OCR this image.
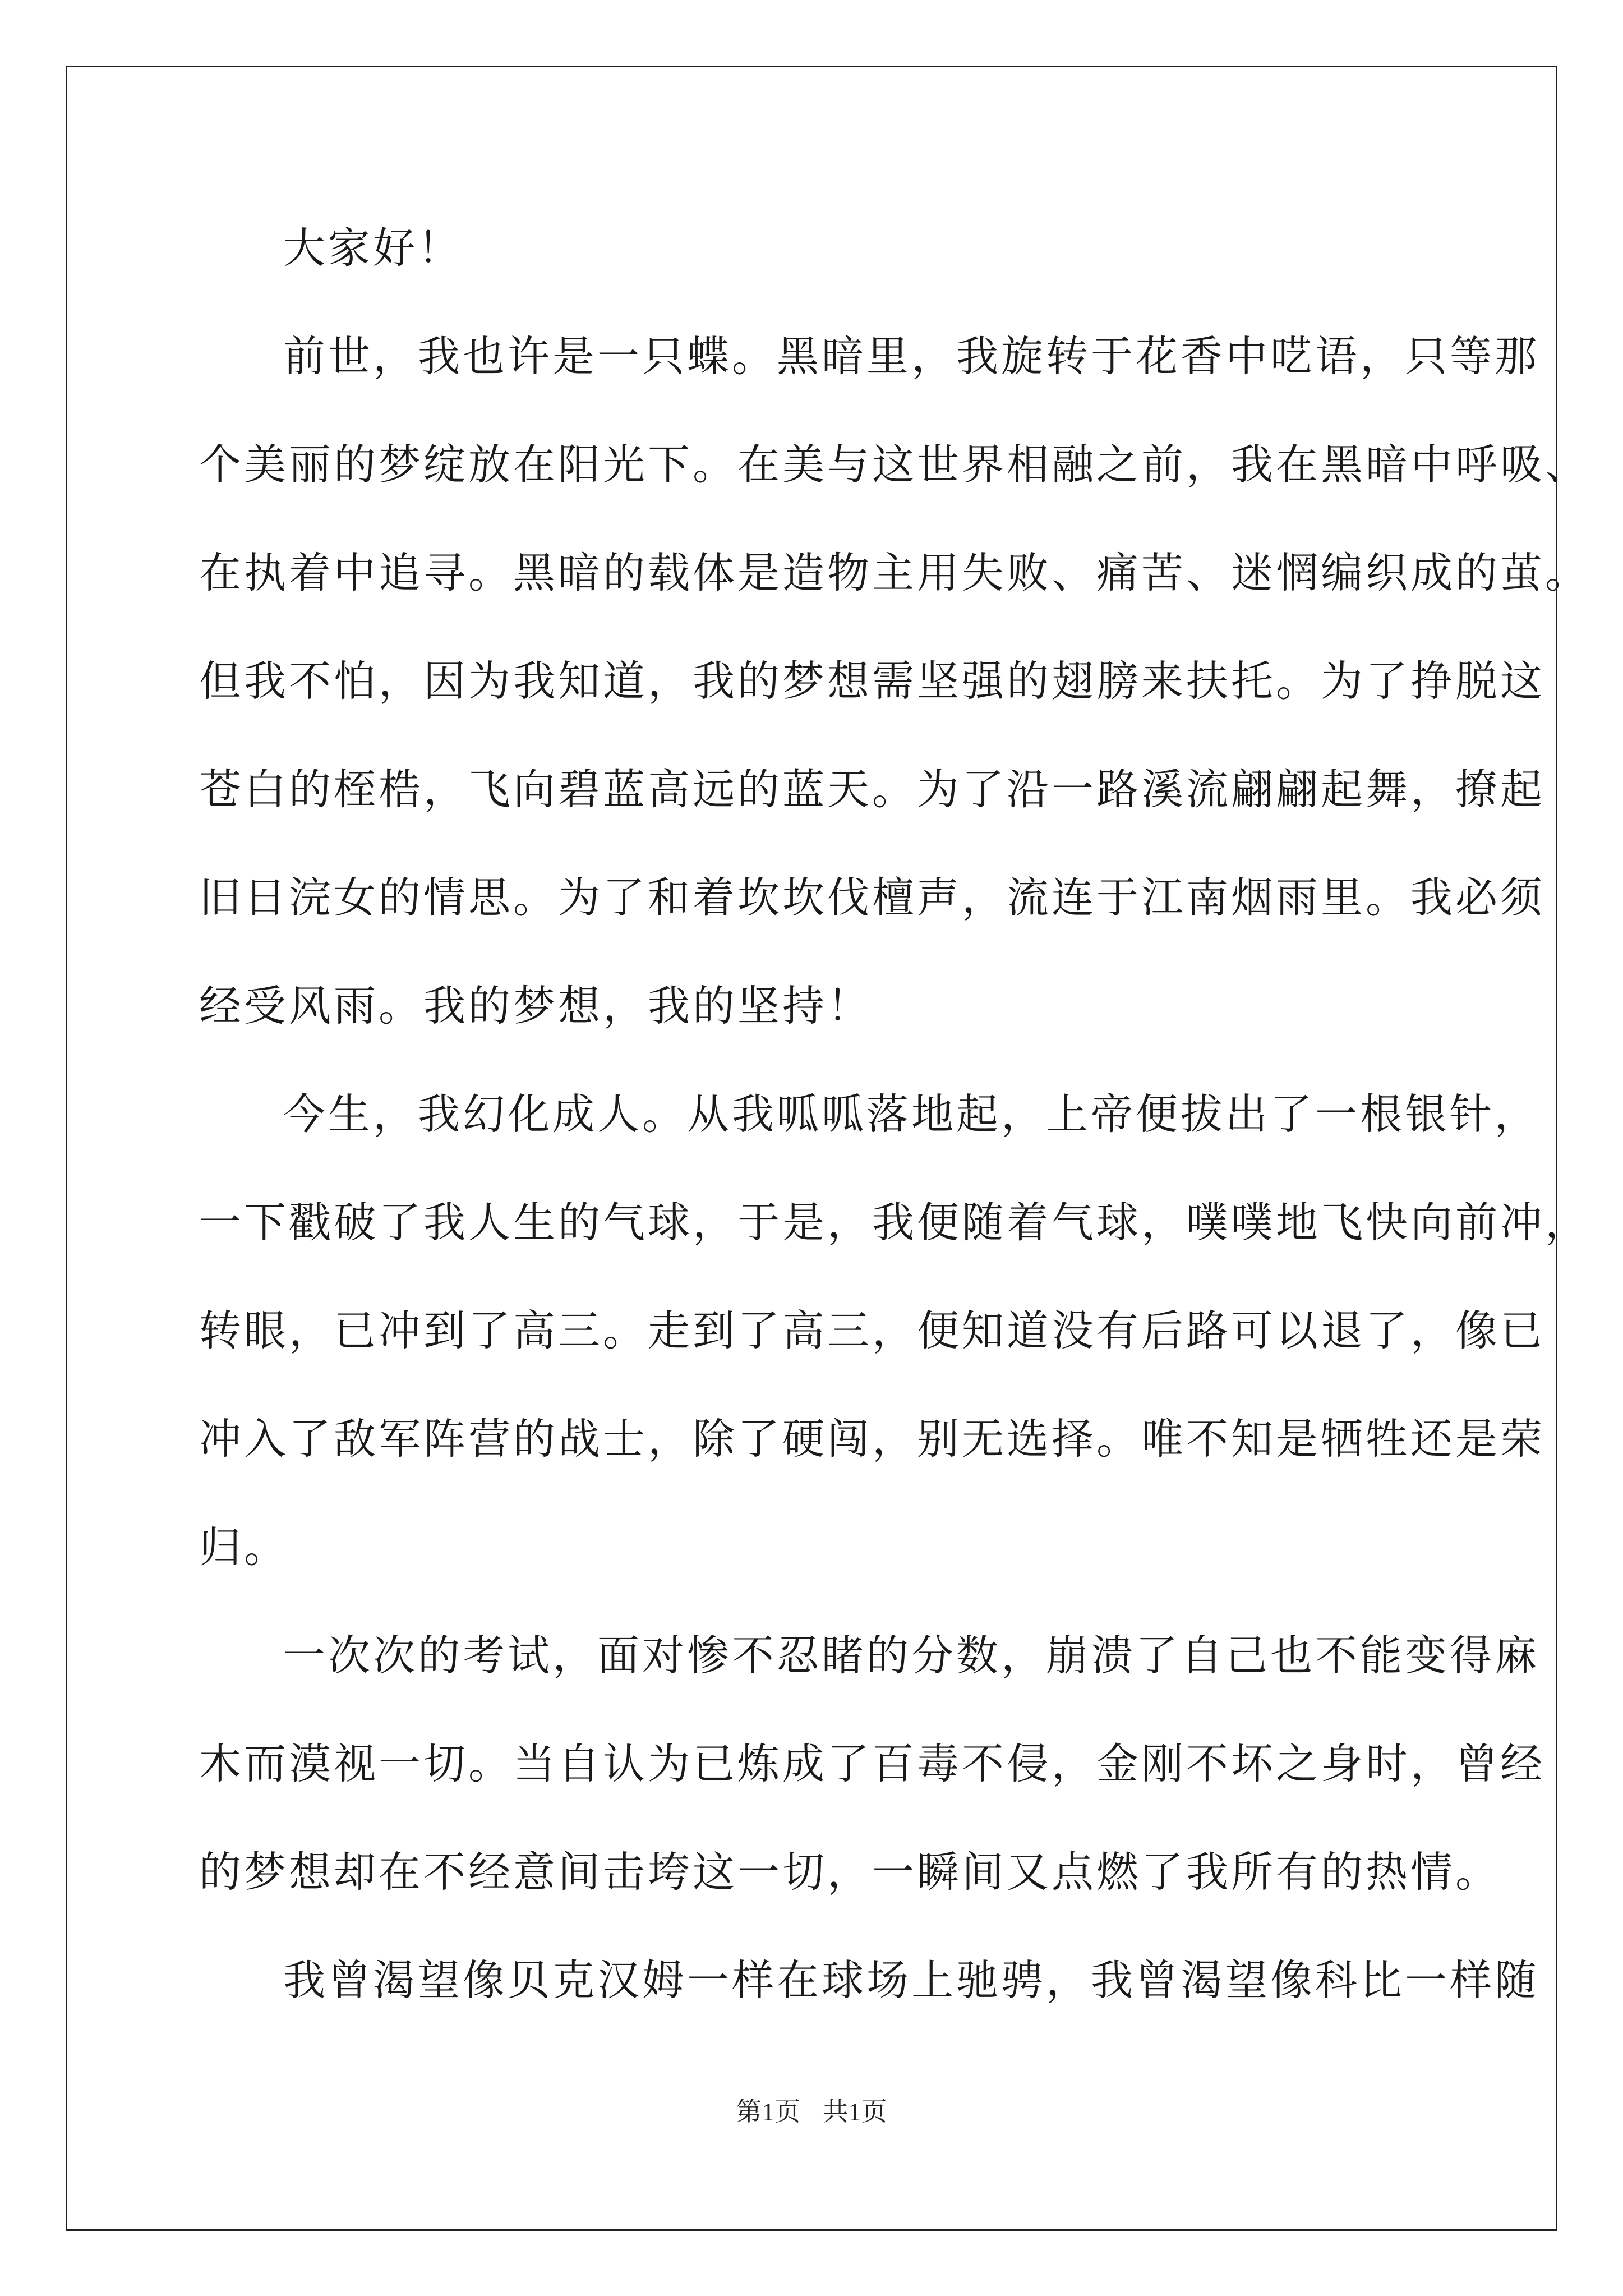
大家好！
前世，我也许是一只蝶。黑暗里，我旋转于花香中呓语，只等那
个美丽的梦绽放在阳光下。在美与这世界相融之前，我在黑暗中呼吸、
在执着中追寻。黑暗的载体是造物主用失败、痛苦、迷惘编织成的茧。
但我不怕，因为我知道，我的梦想需坚强的翅膀来扶托。为了挣脱这
苍白的桎梏，飞向碧蓝高远的蓝天。为了沿一路溪流翩翩起舞，撩起
旧日浣女的情思。为了和着坎坎伐檀声，流连于江南烟雨里。我必须
经受风雨。我的梦想，我的坚持！
今生，我幻化成人。从我呱呱落地起，上帝便拔出了一根银针，
一下戳破了我人生的气球，于是，我便随着气球，噗噗地飞快向前冲，
转眼，已冲到了高三。走到了高三，便知道没有后路可以退了，像已
冲入了敌军阵营的战士，除了硬闯，别无选择。唯不知是牺牲还是荣
归。
一次次的考试，面对惨不忍睹的分数，崩溃了自己也不能变得麻
木而漠视一切。当自认为已炼成了百毒不侵，金刚不坏之身时，曾经
的梦想却在不经意间击垮这一切，一瞬间又点燃了我所有的热情。
我曾渴望像贝克汉姆一样在球场上驰骋，我曾渴望像科比一样随
第1页 共1页
